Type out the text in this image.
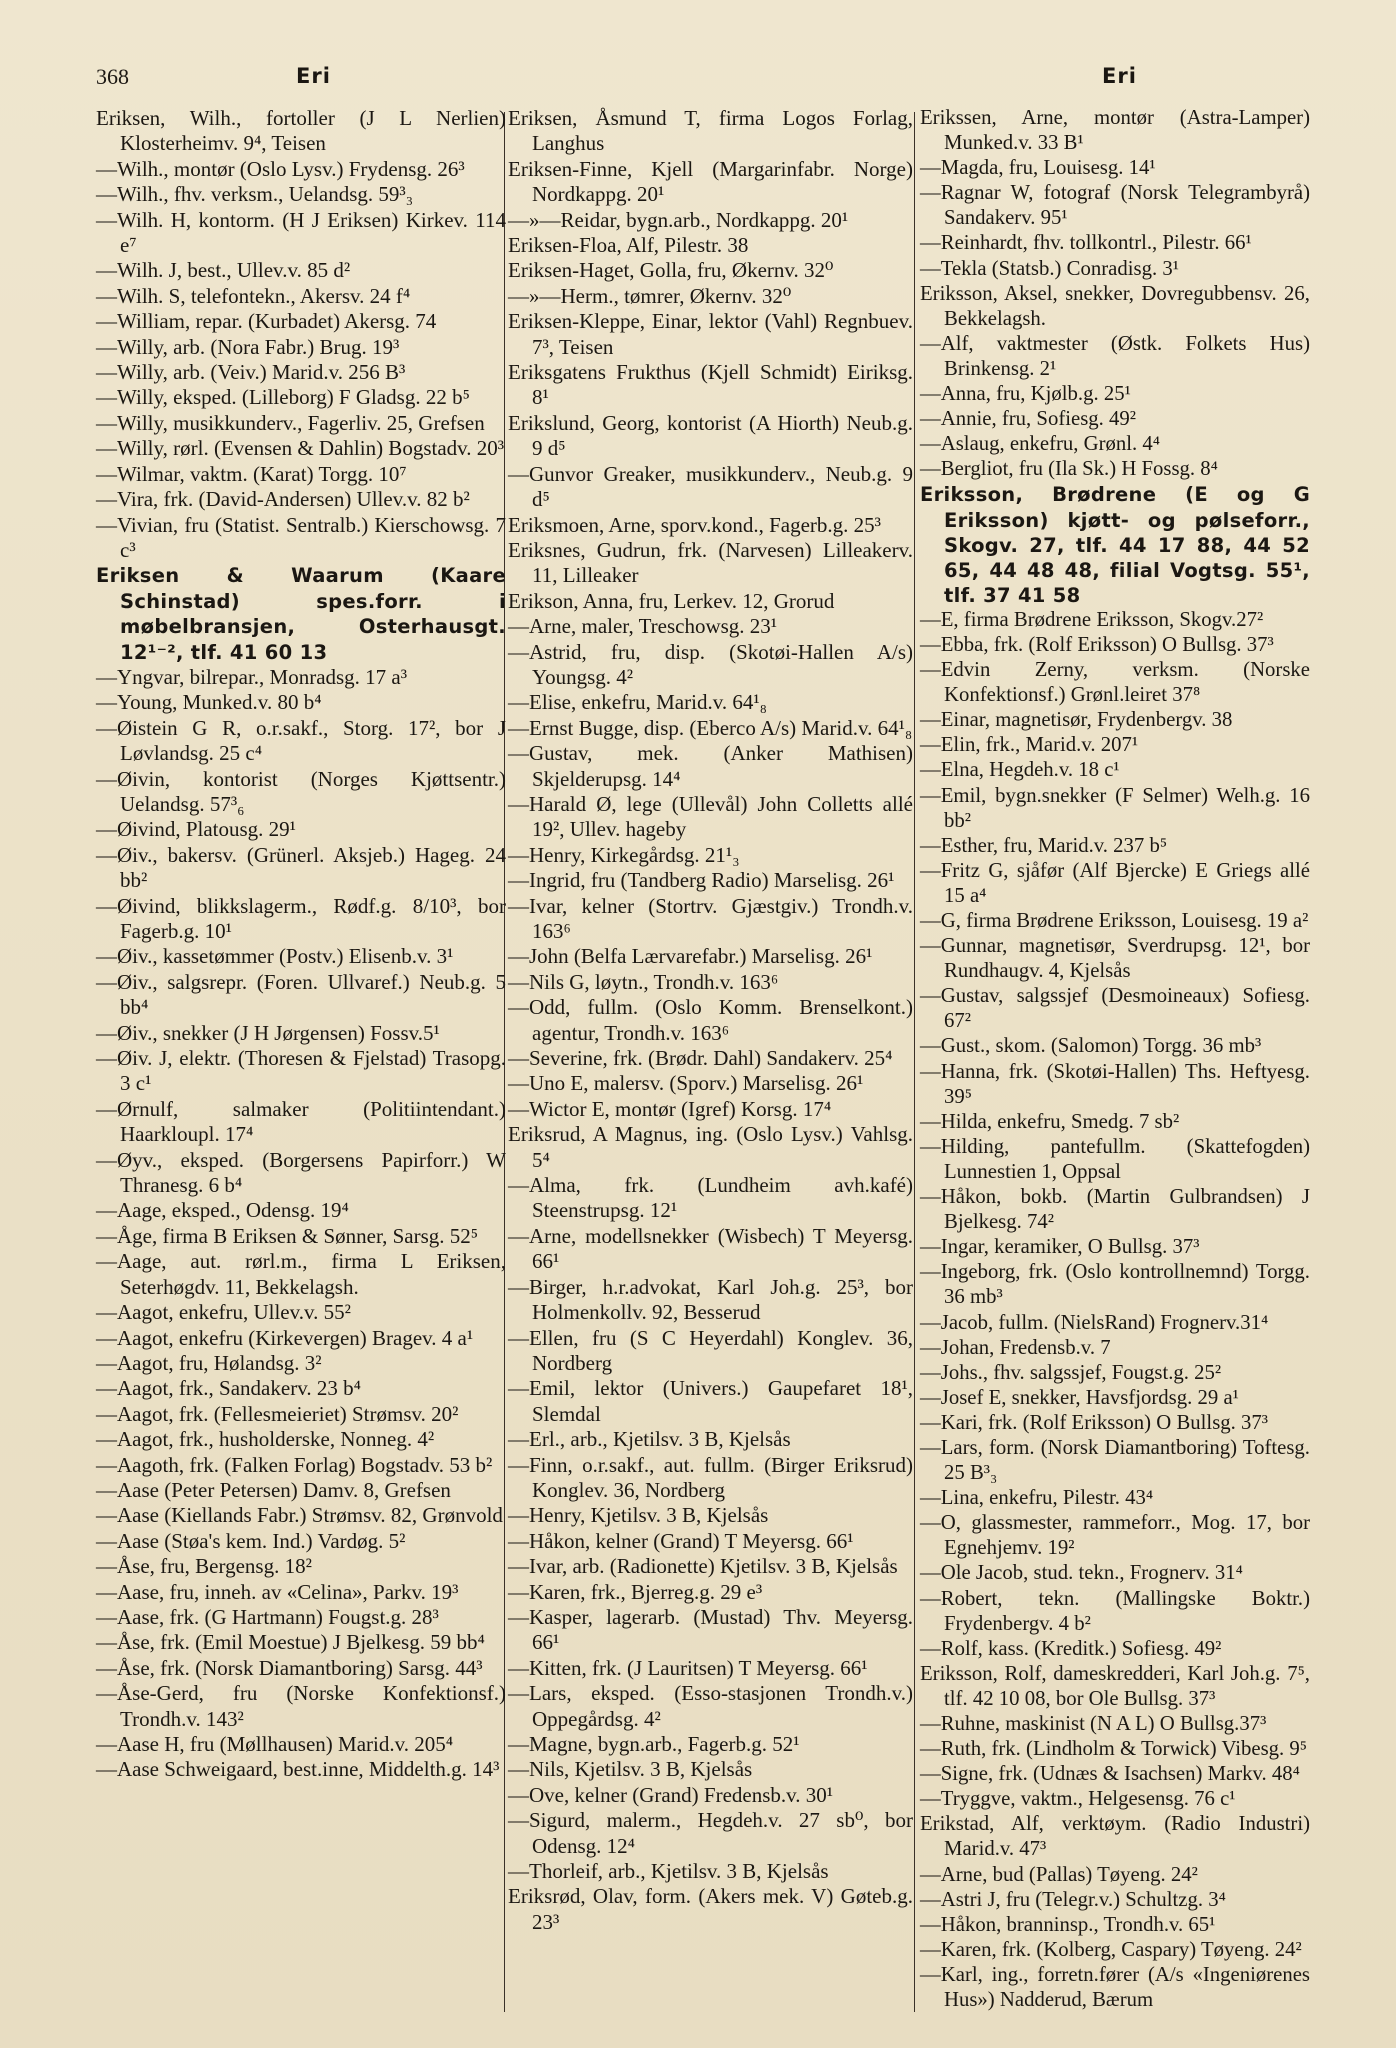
368	Eri	Eri
Eriksen, Wilh., fortoller (J L Nerlien) Klosterheimv. 9⁴, Teisen
—Wilh., montør (Oslo Lysv.) Frydensg. 26³
—Wilh., fhv. verksm., Uelandsg. 59³₃
—Wilh. H, kontorm. (H J Eriksen) Kirkev. 114 e⁷
—Wilh. J, best., Ullev.v. 85 d²
—Wilh. S, telefontekn., Akersv. 24 f⁴
—William, repar. (Kurbadet) Akersg. 74
—Willy, arb. (Nora Fabr.) Brug. 19³
—Willy, arb. (Veiv.) Marid.v. 256 B³
—Willy, eksped. (Lilleborg) F Gladsg. 22 b⁵
—Willy, musikkunderv., Fagerliv. 25, Grefsen
—Willy, rørl. (Evensen & Dahlin) Bogstadv. 20³
—Wilmar, vaktm. (Karat) Torgg. 10⁷
—Vira, frk. (David-Andersen) Ullev.v. 82 b²
—Vivian, fru (Statist. Sentralb.) Kierschowsg. 7 c³
Eriksen & Waarum (Kaare Schinstad) spes.forr. i møbelbransjen, Osterhausgt. 12¹⁻², tlf. 41 60 13
—Yngvar, bilrepar., Monradsg. 17 a³
—Young, Munked.v. 80 b⁴
—Øistein G R, o.r.sakf., Storg. 17², bor J Løvlandsg. 25 c⁴
—Øivin, kontorist (Norges Kjøttsentr.) Uelandsg. 57³₆
—Øivind, Platousg. 29¹
—Øiv., bakersv. (Grünerl. Aksjeb.) Hageg. 24 bb²
—Øivind, blikkslagerm., Rødf.g. 8/10³, bor Fagerb.g. 10¹
—Øiv., kassetømmer (Postv.) Elisenb.v. 3¹
—Øiv., salgsrepr. (Foren. Ullvaref.) Neub.g. 5 bb⁴
—Øiv., snekker (J H Jørgensen) Fossv.5¹
—Øiv. J, elektr. (Thoresen & Fjelstad) Trasopg. 3 c¹
—Ørnulf, salmaker (Politiintendant.) Haarkloupl. 17⁴
—Øyv., eksped. (Borgersens Papirforr.) W Thranesg. 6 b⁴
—Aage, eksped., Odensg. 19⁴
—Åge, firma B Eriksen & Sønner, Sarsg. 52⁵
—Aage, aut. rørl.m., firma L Eriksen, Seterhøgdv. 11, Bekkelagsh.
—Aagot, enkefru, Ullev.v. 55²
—Aagot, enkefru (Kirkevergen) Bragev. 4 a¹
—Aagot, fru, Hølandsg. 3²
—Aagot, frk., Sandakerv. 23 b⁴
—Aagot, frk. (Fellesmeieriet) Strømsv. 20²
—Aagot, frk., husholderske, Nonneg. 4²
—Aagoth, frk. (Falken Forlag) Bogstadv. 53 b²
—Aase (Peter Petersen) Damv. 8, Grefsen
—Aase (Kiellands Fabr.) Strømsv. 82, Grønvold
—Aase (Støa's kem. Ind.) Vardøg. 5²
—Åse, fru, Bergensg. 18²
—Aase, fru, inneh. av «Celina», Parkv. 19³
—Aase, frk. (G Hartmann) Fougst.g. 28³
—Åse, frk. (Emil Moestue) J Bjelkesg. 59 bb⁴
—Åse, frk. (Norsk Diamantboring) Sarsg. 44³
—Åse-Gerd, fru (Norske Konfektionsf.) Trondh.v. 143²
—Aase H, fru (Møllhausen) Marid.v. 205⁴
—Aase Schweigaard, best.inne, Middelth.g. 14³
Eriksen, Åsmund T, firma Logos Forlag, Langhus
Eriksen-Finne, Kjell (Margarinfabr. Norge) Nordkappg. 20¹
—»—Reidar, bygn.arb., Nordkappg. 20¹
Eriksen-Floa, Alf, Pilestr. 38
Eriksen-Haget, Golla, fru, Økernv. 32⁰
—»—Herm., tømrer, Økernv. 32⁰
Eriksen-Kleppe, Einar, lektor (Vahl) Regnbuev. 7³, Teisen
Eriksgatens Frukthus (Kjell Schmidt) Eiriksg. 8¹
Erikslund, Georg, kontorist (A Hiorth) Neub.g. 9 d⁵
—Gunvor Greaker, musikkunderv., Neub.g. 9 d⁵
Eriksmoen, Arne, sporv.kond., Fagerb.g. 25³
Eriksnes, Gudrun, frk. (Narvesen) Lilleakerv. 11, Lilleaker
Erikson, Anna, fru, Lerkev. 12, Grorud
—Arne, maler, Treschowsg. 23¹
—Astrid, fru, disp. (Skotøi-Hallen A/s) Youngsg. 4²
—Elise, enkefru, Marid.v. 64¹₈
—Ernst Bugge, disp. (Eberco A/s) Marid.v. 64¹₈
—Gustav, mek. (Anker Mathisen) Skjelderupsg. 14⁴
—Harald Ø, lege (Ullevål) John Colletts allé 19², Ullev. hageby
—Henry, Kirkegårdsg. 21¹₃
—Ingrid, fru (Tandberg Radio) Marselisg. 26¹
—Ivar, kelner (Stortrv. Gjæstgiv.) Trondh.v. 163⁶
—John (Belfa Lærvarefabr.) Marselisg. 26¹
—Nils G, løytn., Trondh.v. 163⁶
—Odd, fullm. (Oslo Komm. Brenselkont.) agentur, Trondh.v. 163⁶
—Severine, frk. (Brødr. Dahl) Sandakerv. 25⁴
—Uno E, malersv. (Sporv.) Marselisg. 26¹
—Wictor E, montør (Igref) Korsg. 17⁴
Eriksrud, A Magnus, ing. (Oslo Lysv.) Vahlsg. 5⁴
—Alma, frk. (Lundheim avh.kafé) Steenstrupsg. 12¹
—Arne, modellsnekker (Wisbech) T Meyersg. 66¹
—Birger, h.r.advokat, Karl Joh.g. 25³, bor Holmenkollv. 92, Besserud
—Ellen, fru (S C Heyerdahl) Konglev. 36, Nordberg
—Emil, lektor (Univers.) Gaupefaret 18¹, Slemdal
—Erl., arb., Kjetilsv. 3 B, Kjelsås
—Finn, o.r.sakf., aut. fullm. (Birger Eriksrud) Konglev. 36, Nordberg
—Henry, Kjetilsv. 3 B, Kjelsås
—Håkon, kelner (Grand) T Meyersg. 66¹
—Ivar, arb. (Radionette) Kjetilsv. 3 B, Kjelsås
—Karen, frk., Bjerreg.g. 29 e³
—Kasper, lagerarb. (Mustad) Thv. Meyersg. 66¹
—Kitten, frk. (J Lauritsen) T Meyersg. 66¹
—Lars, eksped. (Esso-stasjonen Trondh.v.) Oppegårdsg. 4²
—Magne, bygn.arb., Fagerb.g. 52¹
—Nils, Kjetilsv. 3 B, Kjelsås
—Ove, kelner (Grand) Fredensb.v. 30¹
—Sigurd, malerm., Hegdeh.v. 27 sb⁰, bor Odensg. 12⁴
—Thorleif, arb., Kjetilsv. 3 B, Kjelsås
Eriksrød, Olav, form. (Akers mek. V) Gøteb.g. 23³
Erikssen, Arne, montør (Astra-Lamper) Munked.v. 33 B¹
—Magda, fru, Louisesg. 14¹
—Ragnar W, fotograf (Norsk Telegrambyrå) Sandakerv. 95¹
—Reinhardt, fhv. tollkontrl., Pilestr. 66¹
—Tekla (Statsb.) Conradisg. 3¹
Eriksson, Aksel, snekker, Dovregubbensv. 26, Bekkelagsh.
—Alf, vaktmester (Østk. Folkets Hus) Brinkensg. 2¹
—Anna, fru, Kjølb.g. 25¹
—Annie, fru, Sofiesg. 49²
—Aslaug, enkefru, Grønl. 4⁴
—Bergliot, fru (Ila Sk.) H Fossg. 8⁴
Eriksson, Brødrene (E og G Eriksson) kjøtt- og pølseforr., Skogv. 27, tlf. 44 17 88, 44 52 65, 44 48 48, filial Vogtsg. 55¹, tlf. 37 41 58
—E, firma Brødrene Eriksson, Skogv.27²
—Ebba, frk. (Rolf Eriksson) O Bullsg. 37³
—Edvin Zerny, verksm. (Norske Konfektionsf.) Grønl.leiret 37⁸
—Einar, magnetisør, Frydenbergv. 38
—Elin, frk., Marid.v. 207¹
—Elna, Hegdeh.v. 18 c¹
—Emil, bygn.snekker (F Selmer) Welh.g. 16 bb²
—Esther, fru, Marid.v. 237 b⁵
—Fritz G, sjåfør (Alf Bjercke) E Griegs allé 15 a⁴
—G, firma Brødrene Eriksson, Louisesg. 19 a²
—Gunnar, magnetisør, Sverdrupsg. 12¹, bor Rundhaugv. 4, Kjelsås
—Gustav, salgssjef (Desmoineaux) Sofiesg. 67²
—Gust., skom. (Salomon) Torgg. 36 mb³
—Hanna, frk. (Skotøi-Hallen) Ths. Heftyesg. 39⁵
—Hilda, enkefru, Smedg. 7 sb²
—Hilding, pantefullm. (Skattefogden) Lunnestien 1, Oppsal
—Håkon, bokb. (Martin Gulbrandsen) J Bjelkesg. 74²
—Ingar, keramiker, O Bullsg. 37³
—Ingeborg, frk. (Oslo kontrollnemnd) Torgg. 36 mb³
—Jacob, fullm. (NielsRand) Frognerv.31⁴
—Johan, Fredensb.v. 7
—Johs., fhv. salgssjef, Fougst.g. 25²
—Josef E, snekker, Havsfjordsg. 29 a¹
—Kari, frk. (Rolf Eriksson) O Bullsg. 37³
—Lars, form. (Norsk Diamantboring) Toftesg. 25 B³₃
—Lina, enkefru, Pilestr. 43⁴
—O, glassmester, rammeforr., Mog. 17, bor Egnehjemv. 19²
—Ole Jacob, stud. tekn., Frognerv. 31⁴
—Robert, tekn. (Mallingske Boktr.) Frydenbergv. 4 b²
—Rolf, kass. (Kreditk.) Sofiesg. 49²
Eriksson, Rolf, dameskredderi, Karl Joh.g. 7⁵, tlf. 42 10 08, bor Ole Bullsg. 37³
—Ruhne, maskinist (N A L) O Bullsg.37³
—Ruth, frk. (Lindholm & Torwick) Vibesg. 9⁵
—Signe, frk. (Udnæs & Isachsen) Markv. 48⁴
—Tryggve, vaktm., Helgesensg. 76 c¹
Erikstad, Alf, verktøym. (Radio Industri) Marid.v. 47³
—Arne, bud (Pallas) Tøyeng. 24²
—Astri J, fru (Telegr.v.) Schultzg. 3⁴
—Håkon, branninsp., Trondh.v. 65¹
—Karen, frk. (Kolberg, Caspary) Tøyeng. 24²
—Karl, ing., forretn.fører (A/s «Ingeniørenes Hus») Nadderud, Bærum
